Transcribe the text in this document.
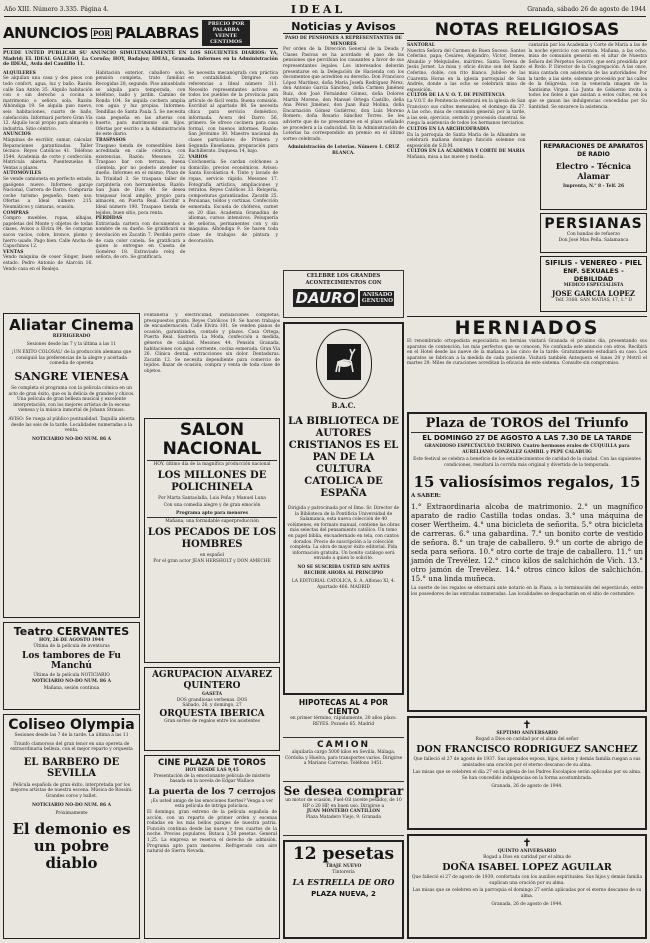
Año XIII. Número 3.335. Página 4.	IDEAL	Granada, sábado 26 de agosto de 1944
ANUNCIOS POR PALABRAS	PRECIO POR PALABRA VEINTE CENTIMOS
PUEDE UNTED PUBLICAR SU ANUNCIO SIMULTANEAMENTE EN LOS SIGUIENTES DIARIOS: YA, Madrid; EL IDEAL GALLEGO, La Coruña; HOY, Badajoz; IDEAL, Granada. Informes en la Administración de IDEAL, Avda del Caudillo 11.
ALQUILERES
Se alquilan una casa y dos pisos con todo confort, agua, luz y baño. Razón: calle San Antón 35. Alquilo habitación con o sin derecho a cocina a matrimonio o señora sola. Razón: Alhóndiga 19. Se alquila piso nuevo, seis habitaciones, cuarto de baño, calefacción. Informará portero Gran Vía 12. Alquilo local propio para almacén o industria. Sitio céntrico.
ANUNCIOS
Máquinas de escribir, sumar, calcular. Reparaciones garantizadas. Taller técnico: Reyes Católicos 41. Teléfono 1544. Academia de corte y confección. Matrícula abierta. Puentezuelas 8. Ventas a plazos.
AUTOMOVILES
Se vende camioneta en perfecto estado, gasógeno nuevo. Informes: garaje Nacional, Carrera de Darro. Compraría coche turismo pequeño, buen uso. Ofertas a Ideal número 215. Neumáticos y cámaras, ocasión.
COMPRAS
Compro muebles, ropas, alhajas, papeletas del Monte y objetos de todas clases. Avisos a Elvira 84. Se compran sacos vacíos, cobre, bronce, plomo y hierro usado. Pago bien. Calle Ancha de Capuchinos 12.
VENTAS
Vendo máquina de coser Singer, buen estado. Pedro Antonio de Alarcón 16. Vendo casa en el Realejo.
Habitación exterior, caballero solo, pensión completa, trato familiar. Recogidas 28, segundo. Piso amueblado se alquila para temporada, con teléfono, baño y jardín. Camino de Ronda 104. Se alquila cochera amplia con agua y luz propias. Informes: Tendillas de Santa Paula 5. Se necesita casa pequeña en las afueras con huerto, para matrimonio sin hijos. Ofertas por escrito a la Administración de este diario.
TRASPASOS
Traspaso tienda de comestibles bien acreditada en calle céntrica, con existencias. Razón: Mesones 22. Traspaso bar con terraza, buena clientela, por no poderlo atender su dueño. Informes en el mismo, Plaza de la Trinidad 3. Se traspasa taller de carpintería con herramientas. Razón: San Juan de Dios 40. Se desea traspasar local amplio, propio para almacén, en Puerta Real. Escribir a Ideal número 190. Traspaso tienda de tejidos, buen sitio, poca renta.
PERDIDAS
Extraviada cartera con documentos a nombre de su dueño. Se gratificará su devolución en Zacatín 7. Perdido perro de caza color canela. Se gratificará a quien lo entregue en Cuesta de Gomérez 18. Extraviado reloj de señora, de oro. Se gratificará.
Se necesita mecanógrafa con práctica en contabilidad. Dirigirse con referencias a Ideal número 311. Necesito representantes activos en todos los pueblos de la provincia para artículo de fácil venta. Buena comisión. Escribid al apartado 88. Se necesita chica para servicio doméstico, informada. Acera del Darro 56, primero. Se ofrece cocinera para casa formal, con buenos informes. Razón: San Jerónimo 30. Maestro nacional da clases particulares de Primera y Segunda Enseñanza, preparación para Bachillerato. Duquesa 14, bajo.
VARIOS
Colchonería. Se cardan colchones a domicilio, precios económicos. Avisos: Santa Escolástica 4. Tinte y lavado de ropas, servicio rápido. Mesones 17. Fotografía artística, ampliaciones y retratos. Reyes Católicos 33. Relojería, composturas garantizadas. Zacatín 25. Persianas, toldos y cortinas. Confección esmerada. Escuela de chóferes, carnet en 20 días. Academia Granadina de idiomas, cursos intensivos. Peluquería de señoras, permanentes con y sin máquina. Alhóndiga 9. Se hacen toda clase de trabajos de pintura y decoración.
Aliatar Cinema
REFRIGERADO
Sesiones desde las 7 y la última a las 11
¡UN EXITO COLOSAL! de la producción alemana que consiguió las preferencias de la alegre y acertada comedia de opereta
SANGRE VIENESA
Se completa el programa con la película cómica en un acto de gran éxito, que es la delicia de grandes y chicos. Una película de gran belleza musical y excelente interpretación, con los mejores artistas de la escena vienesa y la música inmortal de Johann Strauss.
AVISO: Se ruega al público puntualidad. Taquilla abierta desde las seis de la tarde. Localidades numeradas a la venta.
NOTICIARIO NO-DO NUM. 86 A
Teatro CERVANTES
HOY, 26 DE AGOSTO 1944
Última de la película de aventuras
Los tambores de Fu Manchú
Última de la película NOTICIARIO
NOTICIARIO NO-DO NUM. 86 A
Mañana, sesión continua
Coliseo Olympia
Sesiones desde las 7 de la tarde. La última a las 11
Triunfo clamoroso del gran tenor en una opereta de extraordinaria belleza, con el mejor reparto y orquesta
EL BARBERO DE SEVILLA
Película española de gran éxito, interpretada por los mejores artistas de nuestra escena. Música de Rossini. Grandes coros y ballet.
NOTICIARIO NO-DO NUM. 86 A
Próximamente
El demonio es un pobre diablo
SALON NACIONAL
HOY, último día de la magnífica producción nacional
LOS MILLONES DE POLICHINELA
Por Marta Santaolalla, Luis Peña y Manuel Luna
Con una comedia alegre y de gran emoción
Programa apto para menores
Mañana, una formidable superproducción
LOS PECADOS DE LOS HOMBRES
en español
Por el gran actor JEAN HERSHOLT y DON AMECHE
AGRUPACION ALVAREZ QUINTERO
GASETA
DOS grandiosas verbenas. DOS
Sábado, 26, y domingo, 27
ORQUESTA IBERICA
Gran sorteo de regalos entre los asistentes
CINE PLAZA DE TOROS
HOY DESDE LAS 9,45
Presentación de la emocionante película de misterio basada en la novela de Edgar Wallace
La puerta de los 7 cerrojos
¡Es usted amigo de las emociones fuertes? Venga a ver esta película de intriga policíaca.
El domingo, gran estreno de la película española de acción, con un reparto de primer orden y escenas rodadas en los más bellos parajes de nuestra patria. Función continua desde las nueve y tres cuartos de la noche. Precios populares. Butaca 2,50 pesetas. General 1,25. La empresa se reserva el derecho de admisión. Programa apto para menores. Refrigerado con aire natural de Sierra Nevada.
Fontanería y electricidad, instalaciones completas, presupuestos gratis. Reyes Católicos 19. Se hacen trabajos de encuadernación. Calle Elvira 101. Se venden pianos de ocasión, garantizados, contado y plazos. Casa Ortega, Puerta Real. Sastrería La Moda, confección a medida, géneros de calidad. Mesones 44. Pensión Granada, habitaciones con agua corriente, cocina esmerada. Gran Vía 26. Clínica dental, extracciones sin dolor. Dentaduras. Zacatín 12. Se necesita dependiente para comercio de tejidos. Bazar de ocasión, compra y venta de toda clase de objetos.
Noticias y Avisos
PASO DE PENSIONES A REPRESENTANTES DE MENORES
Por orden de la Dirección General de la Deuda y Clases Pasivas se ha acordado el paso de las pensiones que percibían los causantes a favor de sus representantes legales. Los interesados deberán presentarse en la Delegación de Hacienda con los documentos que acrediten su derecho. Don Francisco López Martínez, doña María Josefa Rodríguez Pérez, don Antonio García Sánchez, doña Carmen Jiménez Ruiz, don José Fernández Gómez, doña Dolores Martín Moreno, don Manuel Ortega Castillo, doña Ana Pérez Jiménez, don Juan Ruiz Molina, doña Encarnación Gómez Gutiérrez, don Luis Moreno Romero, doña Rosario Sánchez Torres. Se les advierte que de no presentarse en el plazo señalado se procederá a la caducidad. En la Administración de Loterías ha correspondido un premio en el último sorteo celebrado.
Administración de Loterías. Número 1. CRUZ BLANCA.
CELEBRE LOS GRANDES ACONTECIMIENTOS CON
DAURO	ANISADO GENUINO
B.A.C.
LA BIBLIOTECA DE AUTORES CRISTIANOS ES EL PAN DE LA CULTURA CATOLICA DE ESPAÑA
Dirigida y patrocinada por el Ilmo. Sr. Director de la Biblioteca de la Pontificia Universidad de Salamanca, esta nueva colección de 40 volúmenes, en formato manual, contiene las obras más selectas del pensamiento católico. Un tomo en papel biblia, encuadernado en tela, con cantos dorados. Precio de suscripción a la colección completa. La obra de mayor éxito editorial. Pida información gratuita. Un bonito catálogo será enviado a quien lo solicite.
NO SE SUSCRIBA USTED SIN ANTES RECIBIR AHORA AL PRINCIPIO
LA EDITORIAL CATOLICA, S. A. Alfonso XI, 4. Apartado 466. MADRID
HIPOTECAS AL 4 POR CIENTO
en primer término, rápidamente, 20 años plazo. REYES. Pozuelo 65. Madrid
CAMION
alquilaría cargo 5000 kilos en Sevilla, Málaga, Córdoba y Huelva, para transportes varios. Dirigirse a Mariano Carreras. Teléfono 1451.
Se desea comprar
un motor de ocasión, Fuel-Oil (aceite pesado), de 10 HP o 20 HP, en buen uso. Dirigirse a
JUAN MONTERO CANTILLON
Plaza Matadero Viejo, 9. Granada
12 pesetas
TRAJE NUEVO
Tintorería
LA ESTRELLA DE ORO
PLAZA NUEVA, 2
NOTAS RELIGIOSAS
SANTORAL
Nuestra Señora del Carmen de Buen Suceso. Santos Ceferino, papa; Cesáreo, Alejandro, Víctor, Ireneo, Abundio y Melquíades, mártires. Santa Teresa de Jesús Jornet. La misa y oficio divino son del Santo Ceferino, doble, con rito blanco. Jubileo de las Cuarenta Horas en la iglesia parroquial de San Andrés, donde a las ocho se celebrará misa de exposición.
CULTOS DE LA V. O. T. DE PENITENCIA
La V.O.T. de Penitencia celebrará en la iglesia de San Francisco sus cultos mensuales, el domingo día 27. A las ocho, misa de comunión general; por la tarde, a las seis, ejercicio, sermón y procesión claustral. Se ruega la asistencia de todos los hermanos terciarios.
CULTOS EN LA ARCHICOFRADIA
En la parroquia de Santa María de la Alhambra se celebrará mañana domingo función solemne con exposición de S.D.M.
CULTOS EN LA ACADEMIA Y CORTE DE MARIA
Mañana, misa a las nueve y media.
cantarán por los Academia y Corte de María a las de la noche ejercicio con sermón. Mañana, a las ocho, misa de comunión general en el altar de Nuestra Señora del Perpetuo Socorro, que será presidida por el Rvdo. P. Director de la Congregación. A las once, misa cantada con asistencia de las autoridades. Por la tarde, a las siete, solemne procesión por las calles de la feligresía, con la venerada imagen de la Santísima Virgen. La Junta de Gobierno invita a todos los fieles a que asistan a estos cultos, en los que se ganan las indulgencias concedidas por Su Santidad. Se encarece la asistencia.
REPARACIONES DE APARATOS DE RADIO
Electro - Técnica Alamar
Imprenta, N.° 8 - Telf. 26
PERSIANAS
Con bandas de refuerzo
Don José Mas Peña. Salamanca
SIFILIS - VENEREO - PIEL
ENF. SEXUALES - DEBILIDAD
MEDICO ESPECIALISTA
JOSE GARCIA LOPEZ
Telf. 3168. SAN MATIAS, 17, 1.° D
HERNIADOS
El renombrado ortopedista especialista en hernias visitará Granada el próximo día, presentando sus aparatos de contención, los más perfectos que se conocen. No confunda este anuncio con otros. Recibirá en el Hotel desde las nueve de la mañana a las cinco de la tarde. Gratuitamente estudiará su caso. Los aparatos se fabrican a la medida de cada paciente. Visitará también Antequera el lunes 28 y Motril el martes 29. Miles de curaciones acreditan la eficacia de este sistema. Consulte sin compromiso.
Plaza de TOROS del Triunfo
EL DOMINGO 27 DE AGOSTO A LAS 7.30 DE LA TARDE
GRANDIOSO ESPECTACULO TAURINO. Cuatro hermosos erales de CUQUILLA para AURELIANO GONZALEZ GAMBIL y PEPE CALABUIG
Este festival se celebra a beneficio de los establecimientos de caridad de la ciudad. Con las siguientes condiciones, resultará la corrida más original y divertida de la temporada.
15 valiosísimos regalos, 15
A SABER:
1.° Extraordinaria alcoba de matrimonio. 2.° un magnífico aparato de radio Castilla todas ondas. 3.° una máquina de coser Wertheim. 4.° una bicicleta de señorita. 5.° otra bicicleta de carreras. 6.° una gabardina. 7.° un bonito corte de vestido de señora. 8.° un traje de caballero. 9.° un corte de abrigo de seda para señora. 10.° otro corte de traje de caballero. 11.° un jamón de Trevélez. 12.° cinco kilos de salchichón de Vich. 13.° otro jamón de Trevélez. 14.° otros cinco kilos de salchichón. 15.° una linda muñeca.
La suerte de los regalos se efectuará ante notario en la Plaza, a la terminación del espectáculo, entre los poseedores de las entradas numeradas. Las localidades se despacharán en el sitio de costumbre.
✝
SEPTIMO ANIVERSARIO
Rogad a Dios en caridad por el alma del señor
DON FRANCISCO RODRIGUEZ SANCHEZ
Que falleció el 27 de agosto de 1937. Sus apenados esposa, hijos, nietos y demás familia ruegan a sus amistades una oración por el eterno descanso de su alma.
Las misas que se celebren el día 27 en la iglesia de los Padres Escolapios serán aplicadas por su alma. Se han concedido indulgencias en la forma acostumbrada.
Granada, 26 de agosto de 1944.
✝
QUINTO ANIVERSARIO
Rogad a Dios en caridad por el alma de
DOÑA ISABEL LOPEZ AGUILAR
Que falleció el 27 de agosto de 1939, confortada con los auxilios espirituales. Sus hijos y demás familia suplican una oración por su alma.
Las misas que se celebren en la parroquia el domingo 27 serán aplicadas por el eterno descanso de su alma.
Granada, 26 de agosto de 1944.
